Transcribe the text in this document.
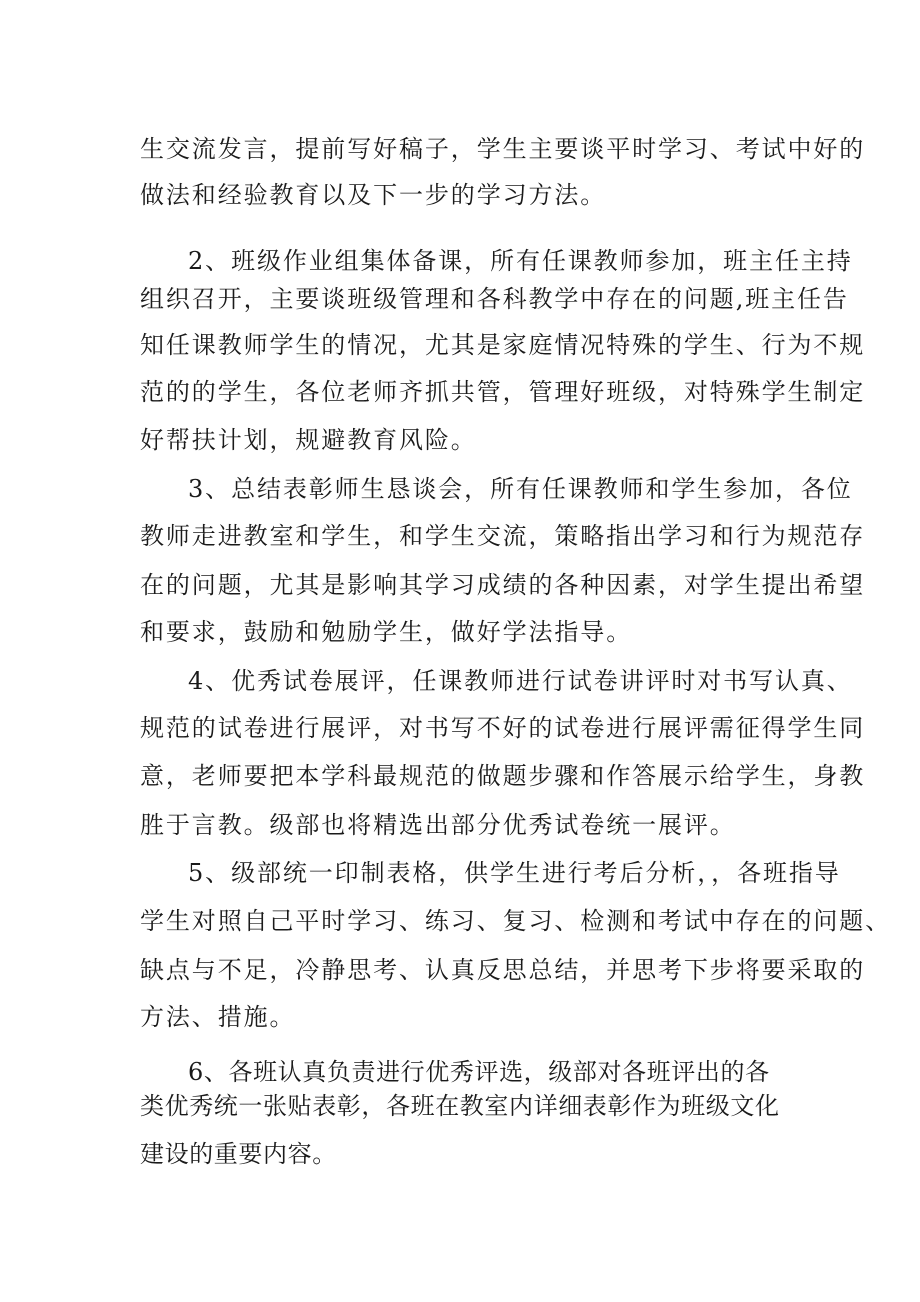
生交流发言，提前写好稿子，学生主要谈平时学习、考试中好的
做法和经验教育以及下一步的学习方法。
2、班级作业组集体备课，所有任课教师参加，班主任主持
组织召开，主要谈班级管理和各科教学中存在的问题,班主任告
知任课教师学生的情况，尤其是家庭情况特殊的学生、行为不规
范的的学生，各位老师齐抓共管，管理好班级，对特殊学生制定
好帮扶计划，规避教育风险。
3、总结表彰师生恳谈会，所有任课教师和学生参加，各位
教师走进教室和学生，和学生交流，策略指出学习和行为规范存
在的问题，尤其是影响其学习成绩的各种因素，对学生提出希望
和要求，鼓励和勉励学生，做好学法指导。
4、优秀试卷展评，任课教师进行试卷讲评时对书写认真、
规范的试卷进行展评，对书写不好的试卷进行展评需征得学生同
意，老师要把本学科最规范的做题步骤和作答展示给学生，身教
胜于言教。级部也将精选出部分优秀试卷统一展评。
5、级部统一印制表格，供学生进行考后分析，，各班指导
学生对照自己平时学习、练习、复习、检测和考试中存在的问题、
缺点与不足，冷静思考、认真反思总结，并思考下步将要采取的
方法、措施。
6、各班认真负责进行优秀评选，级部对各班评出的各
类优秀统一张贴表彰，各班在教室内详细表彰作为班级文化
建设的重要内容。
